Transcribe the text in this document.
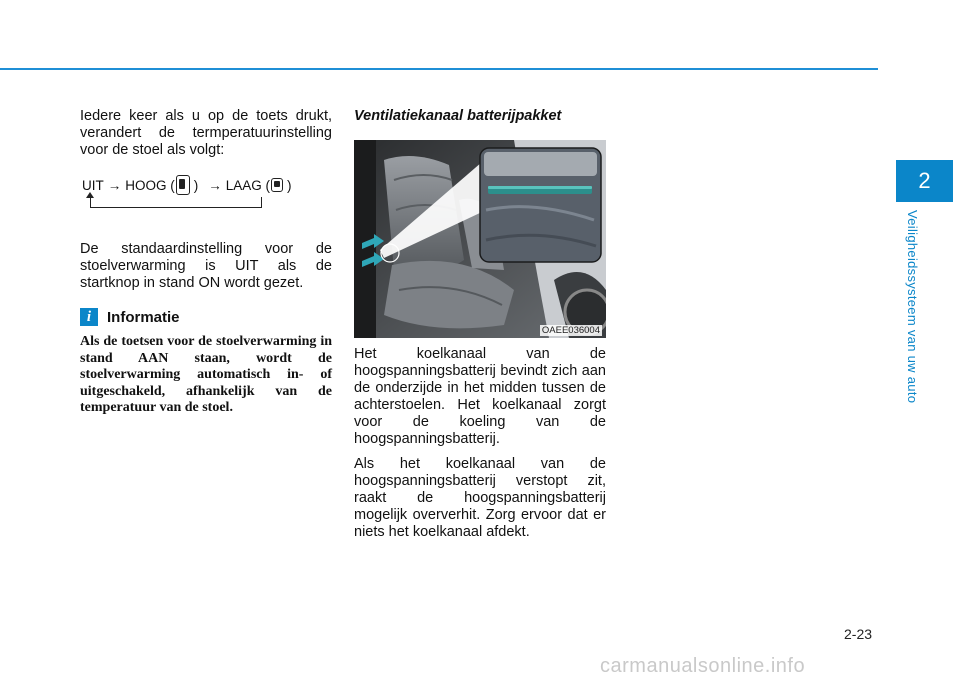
2
Veiligheidssysteem van uw auto

Iedere keer als u op de toets drukt, verandert de termperatuurinstelling voor de stoel als volgt:

UIT → HOOG ( ) → LAAG ( )

De standaardinstelling voor de stoelverwarming is UIT als de startknop in stand ON wordt gezet.

i	Informatie
Als de toetsen voor de stoelverwarming in stand AAN staan, wordt de stoelverwarming automatisch in- of uitgeschakeld, afhankelijk van de temperatuur van de stoel.

Ventilatiekanaal batterijpakket

OAEE036004

Het koelkanaal van de hoogspanningsbatterij bevindt zich aan de onderzijde in het midden tussen de achterstoelen. Het koelkanaal zorgt voor de koeling van de hoogspanningsbatterij.

Als het koelkanaal van de hoogspanningsbatterij verstopt zit, raakt de hoogspanningsbatterij mogelijk oververhit. Zorg ervoor dat er niets het koelkanaal afdekt.

2-23
carmanualsonline.info
